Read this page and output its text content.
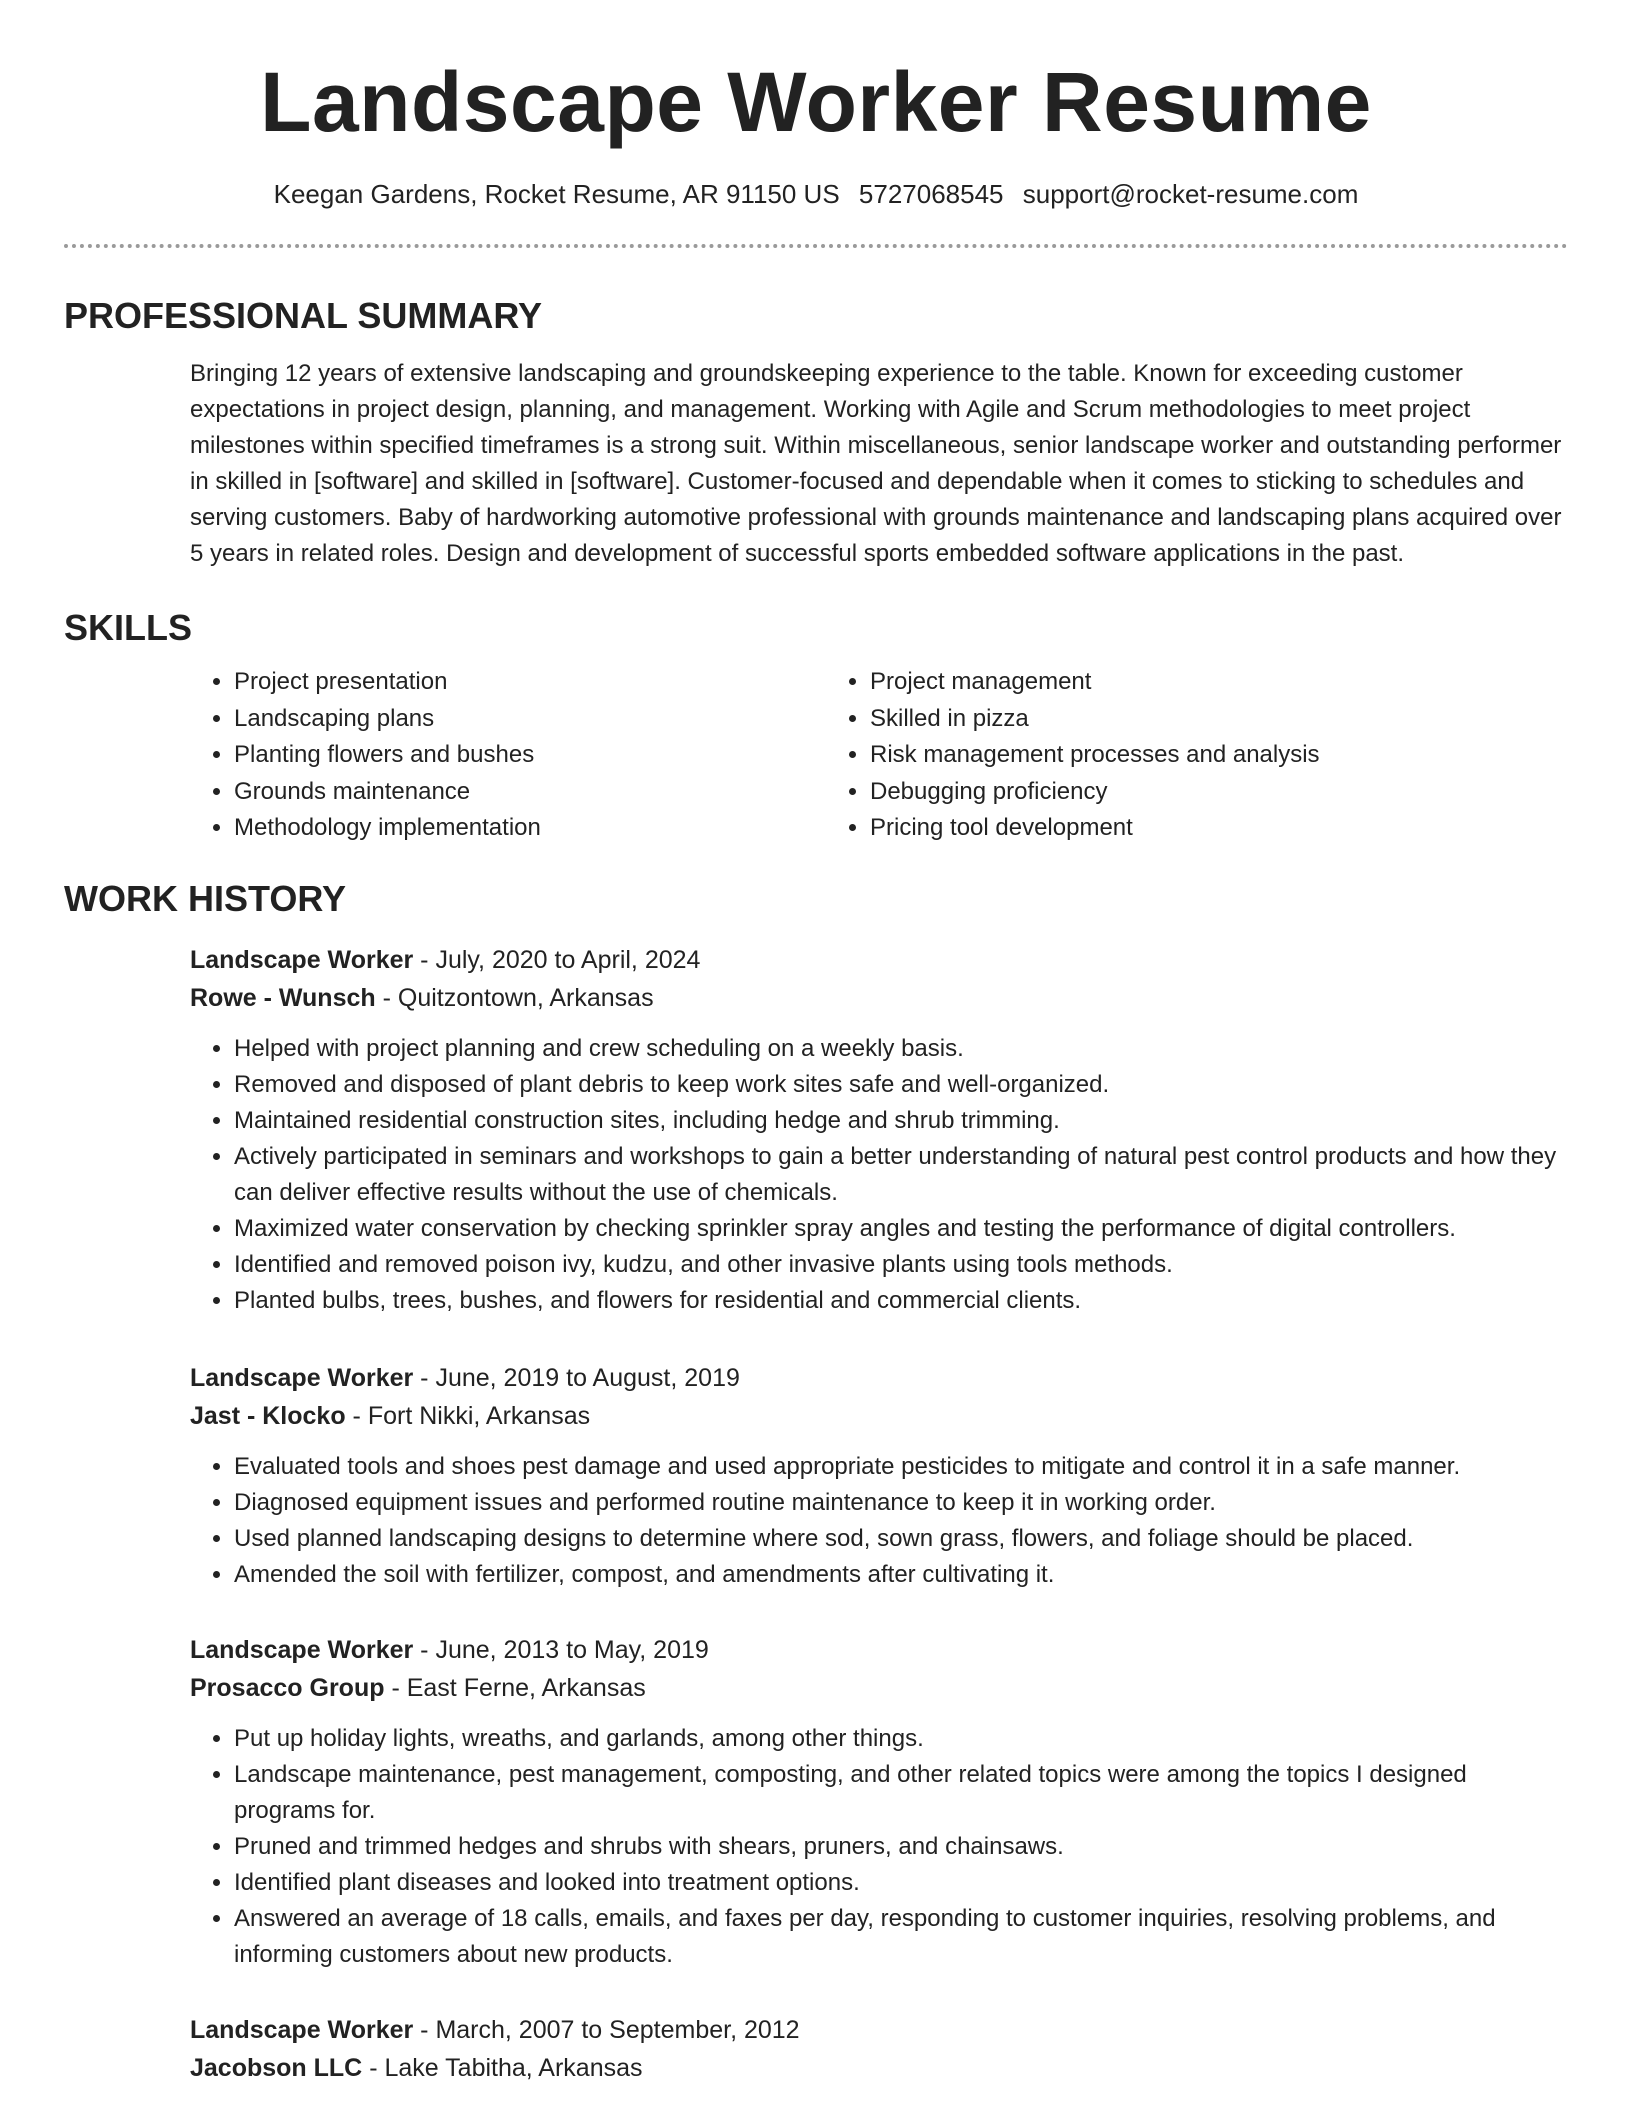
Landscape Worker Resume
Keegan Gardens, Rocket Resume, AR 91150 US 5727068545 support@rocket-resume.com
PROFESSIONAL SUMMARY

Bringing 12 years of extensive landscaping and groundskeeping experience to the table. Known for exceeding customer expectations in project design, planning, and management. Working with Agile and Scrum methodologies to meet project milestones within specified timeframes is a strong suit. Within miscellaneous, senior landscape worker and outstanding performer in skilled in [software] and skilled in [software]. Customer-focused and dependable when it comes to sticking to schedules and serving customers. Baby of hardworking automotive professional with grounds maintenance and landscaping plans acquired over 5 years in related roles. Design and development of successful sports embedded software applications in the past.

SKILLS
• Project presentation
• Landscaping plans
• Planting flowers and bushes
• Grounds maintenance
• Methodology implementation
• Project management
• Skilled in pizza
• Risk management processes and analysis
• Debugging proficiency
• Pricing tool development
WORK HISTORY
Landscape Worker - July, 2020 to April, 2024
Rowe - Wunsch - Quitzontown, Arkansas
• Helped with project planning and crew scheduling on a weekly basis.
• Removed and disposed of plant debris to keep work sites safe and well-organized.
• Maintained residential construction sites, including hedge and shrub trimming.
• Actively participated in seminars and workshops to gain a better understanding of natural pest control products and how they can deliver effective results without the use of chemicals.
• Maximized water conservation by checking sprinkler spray angles and testing the performance of digital controllers.
• Identified and removed poison ivy, kudzu, and other invasive plants using tools methods.
• Planted bulbs, trees, bushes, and flowers for residential and commercial clients.
Landscape Worker - June, 2019 to August, 2019
Jast - Klocko - Fort Nikki, Arkansas
• Evaluated tools and shoes pest damage and used appropriate pesticides to mitigate and control it in a safe manner.
• Diagnosed equipment issues and performed routine maintenance to keep it in working order.
• Used planned landscaping designs to determine where sod, sown grass, flowers, and foliage should be placed.
• Amended the soil with fertilizer, compost, and amendments after cultivating it.
Landscape Worker - June, 2013 to May, 2019
Prosacco Group - East Ferne, Arkansas
• Put up holiday lights, wreaths, and garlands, among other things.
• Landscape maintenance, pest management, composting, and other related topics were among the topics I designed programs for.
• Pruned and trimmed hedges and shrubs with shears, pruners, and chainsaws.
• Identified plant diseases and looked into treatment options.
• Answered an average of 18 calls, emails, and faxes per day, responding to customer inquiries, resolving problems, and informing customers about new products.
Landscape Worker - March, 2007 to September, 2012
Jacobson LLC - Lake Tabitha, Arkansas
